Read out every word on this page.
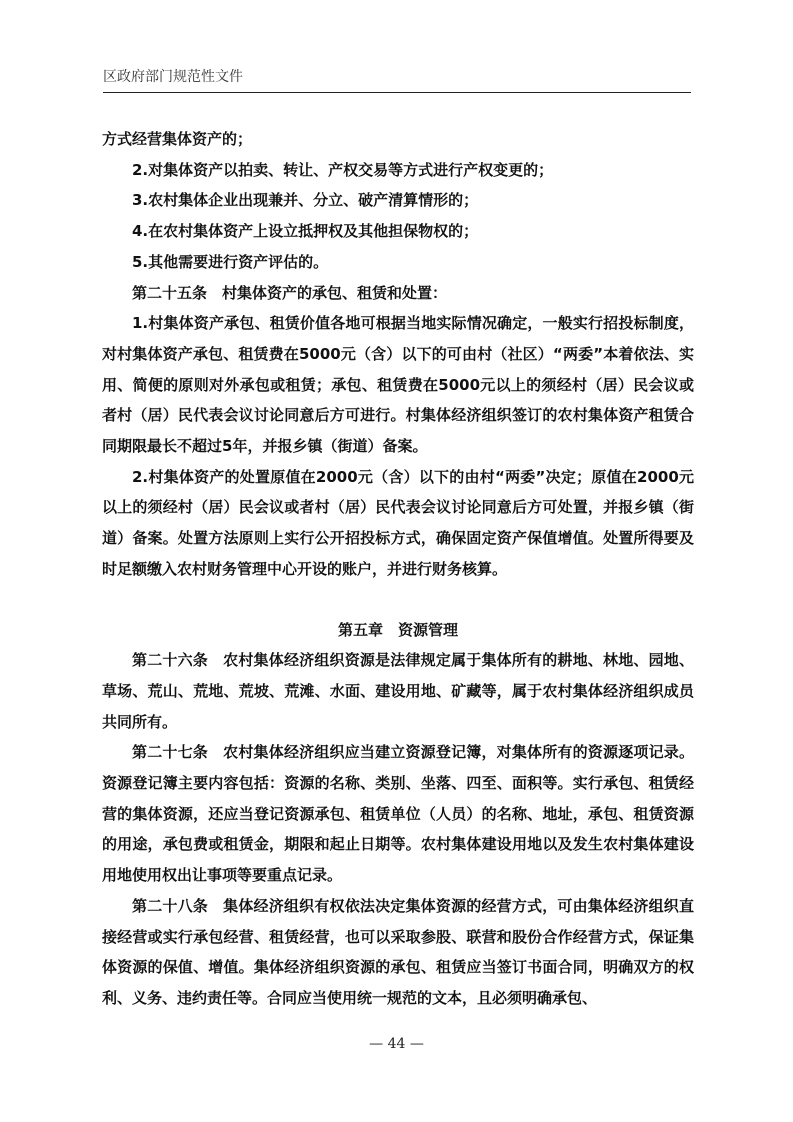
区政府部门规范性文件

方式经营集体资产的；

2.对集体资产以拍卖、转让、产权交易等方式进行产权变更的；

3.农村集体企业出现兼并、分立、破产清算情形的；

4.在农村集体资产上设立抵押权及其他担保物权的；

5.其他需要进行资产评估的。

第二十五条　 村集体资产的承包、租赁和处置：

1.村集体资产承包、租赁价值各地可根据当地实际情况确定，一般实行招投标制度，对村集体资产承包、租赁费在5000元（含）以下的可由村（社区）“两委”本着依法、实用、简便的原则对外承包或租赁；承包、租赁费在5000元以上的须经村（居）民会议或者村（居）民代表会议讨论同意后方可进行。村集体经济组织签订的农村集体资产租赁合同期限最长不超过5年，并报乡镇（街道）备案。

2.村集体资产的处置原值在2000元（含）以下的由村“两委”决定；原值在2000元以上的须经村（居）民会议或者村（居）民代表会议讨论同意后方可处置，并报乡镇（街道）备案。处置方法原则上实行公开招投标方式，确保固定资产保值增值。处置所得要及时足额缴入农村财务管理中心开设的账户，并进行财务核算。

第五章　资源管理

第二十六条　 农村集体经济组织资源是法律规定属于集体所有的耕地、林地、园地、草场、荒山、荒地、荒坡、荒滩、水面、建设用地、矿藏等，属于农村集体经济组织成员共同所有。

第二十七条　 农村集体经济组织应当建立资源登记簿，对集体所有的资源逐项记录。资源登记簿主要内容包括：资源的名称、类别、坐落、四至、面积等。实行承包、租赁经营的集体资源，还应当登记资源承包、租赁单位（人员）的名称、地址，承包、租赁资源的用途，承包费或租赁金，期限和起止日期等。农村集体建设用地以及发生农村集体建设用地使用权出让事项等要重点记录。

第二十八条　 集体经济组织有权依法决定集体资源的经营方式，可由集体经济组织直接经营或实行承包经营、租赁经营，也可以采取参股、联营和股份合作经营方式，保证集体资源的保值、增值。集体经济组织资源的承包、租赁应当签订书面合同，明确双方的权利、义务、违约责任等。合同应当使用统一规范的文本，且必须明确承包、

— 44 —
